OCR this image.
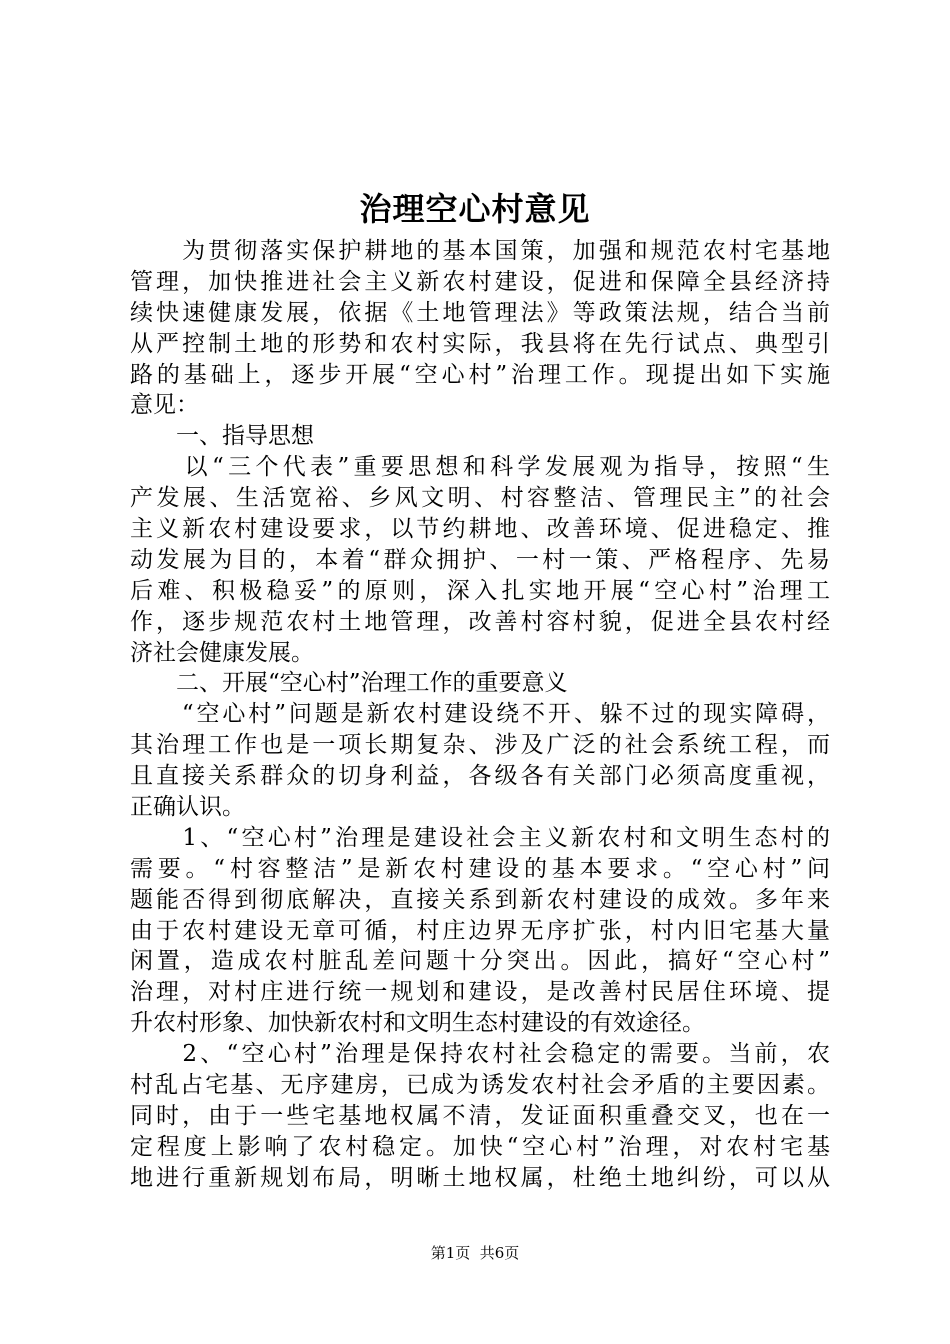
治理空心村意见
　　为贯彻落实保护耕地的基本国策，加强和规范农村宅基地
管理，加快推进社会主义新农村建设，促进和保障全县经济持
续快速健康发展，依据《土地管理法》等政策法规，结合当前
从严控制土地的形势和农村实际，我县将在先行试点、典型引
路的基础上，逐步开展“空心村”治理工作。现提出如下实施
意见：
　　一、指导思想
　　以“三个代表”重要思想和科学发展观为指导，按照“生
产发展、生活宽裕、乡风文明、村容整洁、管理民主”的社会
主义新农村建设要求，以节约耕地、改善环境、促进稳定、推
动发展为目的，本着“群众拥护、一村一策、严格程序、先易
后难、积极稳妥”的原则，深入扎实地开展“空心村”治理工
作，逐步规范农村土地管理，改善村容村貌，促进全县农村经
济社会健康发展。
　　二、开展“空心村”治理工作的重要意义
　　“空心村”问题是新农村建设绕不开、躲不过的现实障碍，
其治理工作也是一项长期复杂、涉及广泛的社会系统工程，而
且直接关系群众的切身利益，各级各有关部门必须高度重视，
正确认识。
　　1、“空心村”治理是建设社会主义新农村和文明生态村的
需要。“村容整洁”是新农村建设的基本要求。“空心村”问
题能否得到彻底解决，直接关系到新农村建设的成效。多年来
由于农村建设无章可循，村庄边界无序扩张，村内旧宅基大量
闲置，造成农村脏乱差问题十分突出。因此，搞好“空心村”
治理，对村庄进行统一规划和建设，是改善村民居住环境、提
升农村形象、加快新农村和文明生态村建设的有效途径。
　　2、“空心村”治理是保持农村社会稳定的需要。当前，农
村乱占宅基、无序建房，已成为诱发农村社会矛盾的主要因素。
同时，由于一些宅基地权属不清，发证面积重叠交叉，也在一
定程度上影响了农村稳定。加快“空心村”治理，对农村宅基
地进行重新规划布局，明晰土地权属，杜绝土地纠纷，可以从
第1页  共6页
